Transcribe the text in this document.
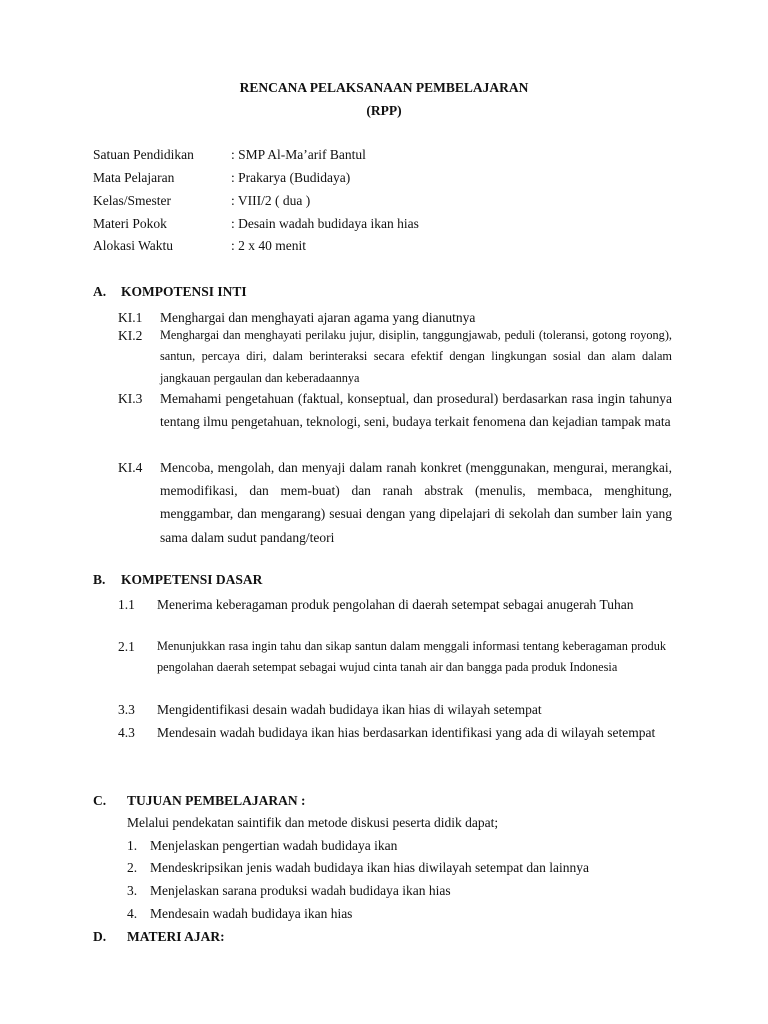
RENCANA PELAKSANAAN PEMBELAJARAN
(RPP)
Satuan Pendidikan	: SMP Al-Ma’arif Bantul
Mata Pelajaran	: Prakarya (Budidaya)
Kelas/Smester	: VIII/2 ( dua )
Materi Pokok	: Desain wadah budidaya ikan hias
Alokasi Waktu	: 2 x 40 menit
A. KOMPOTENSI INTI
KI.1 Menghargai dan menghayati ajaran agama yang dianutnya
KI.2 Menghargai dan menghayati perilaku jujur, disiplin, tanggungjawab, peduli (toleransi, gotong royong), santun, percaya diri, dalam berinteraksi secara efektif dengan lingkungan sosial dan alam dalam jangkauan pergaulan dan keberadaannya
KI.3 Memahami pengetahuan (faktual, konseptual, dan prosedural) berdasarkan rasa ingin tahunya tentang ilmu pengetahuan, teknologi, seni, budaya terkait fenomena dan kejadian tampak mata
KI.4 Mencoba, mengolah, dan menyaji dalam ranah konkret (menggunakan, mengurai, merangkai, memodifikasi, dan mem-buat) dan ranah abstrak (menulis, membaca, menghitung, menggambar, dan mengarang) sesuai dengan yang dipelajari di sekolah dan sumber lain yang sama dalam sudut pandang/teori
B. KOMPETENSI DASAR
1.1 Menerima keberagaman produk pengolahan di daerah setempat sebagai anugerah Tuhan
2.1 Menunjukkan rasa ingin tahu dan sikap santun dalam menggali informasi tentang keberagaman produk pengolahan daerah setempat sebagai wujud cinta tanah air dan bangga pada produk Indonesia
3.3 Mengidentifikasi desain wadah budidaya ikan hias di wilayah setempat
4.3 Mendesain wadah budidaya ikan hias berdasarkan identifikasi yang ada di wilayah setempat
C. TUJUAN PEMBELAJARAN :
Melalui pendekatan saintifik dan metode diskusi peserta didik dapat;
1. Menjelaskan pengertian wadah budidaya ikan
2. Mendeskripsikan jenis wadah budidaya ikan hias diwilayah setempat dan lainnya
3. Menjelaskan sarana produksi wadah budidaya ikan hias
4. Mendesain wadah budidaya ikan hias
D. MATERI AJAR:
